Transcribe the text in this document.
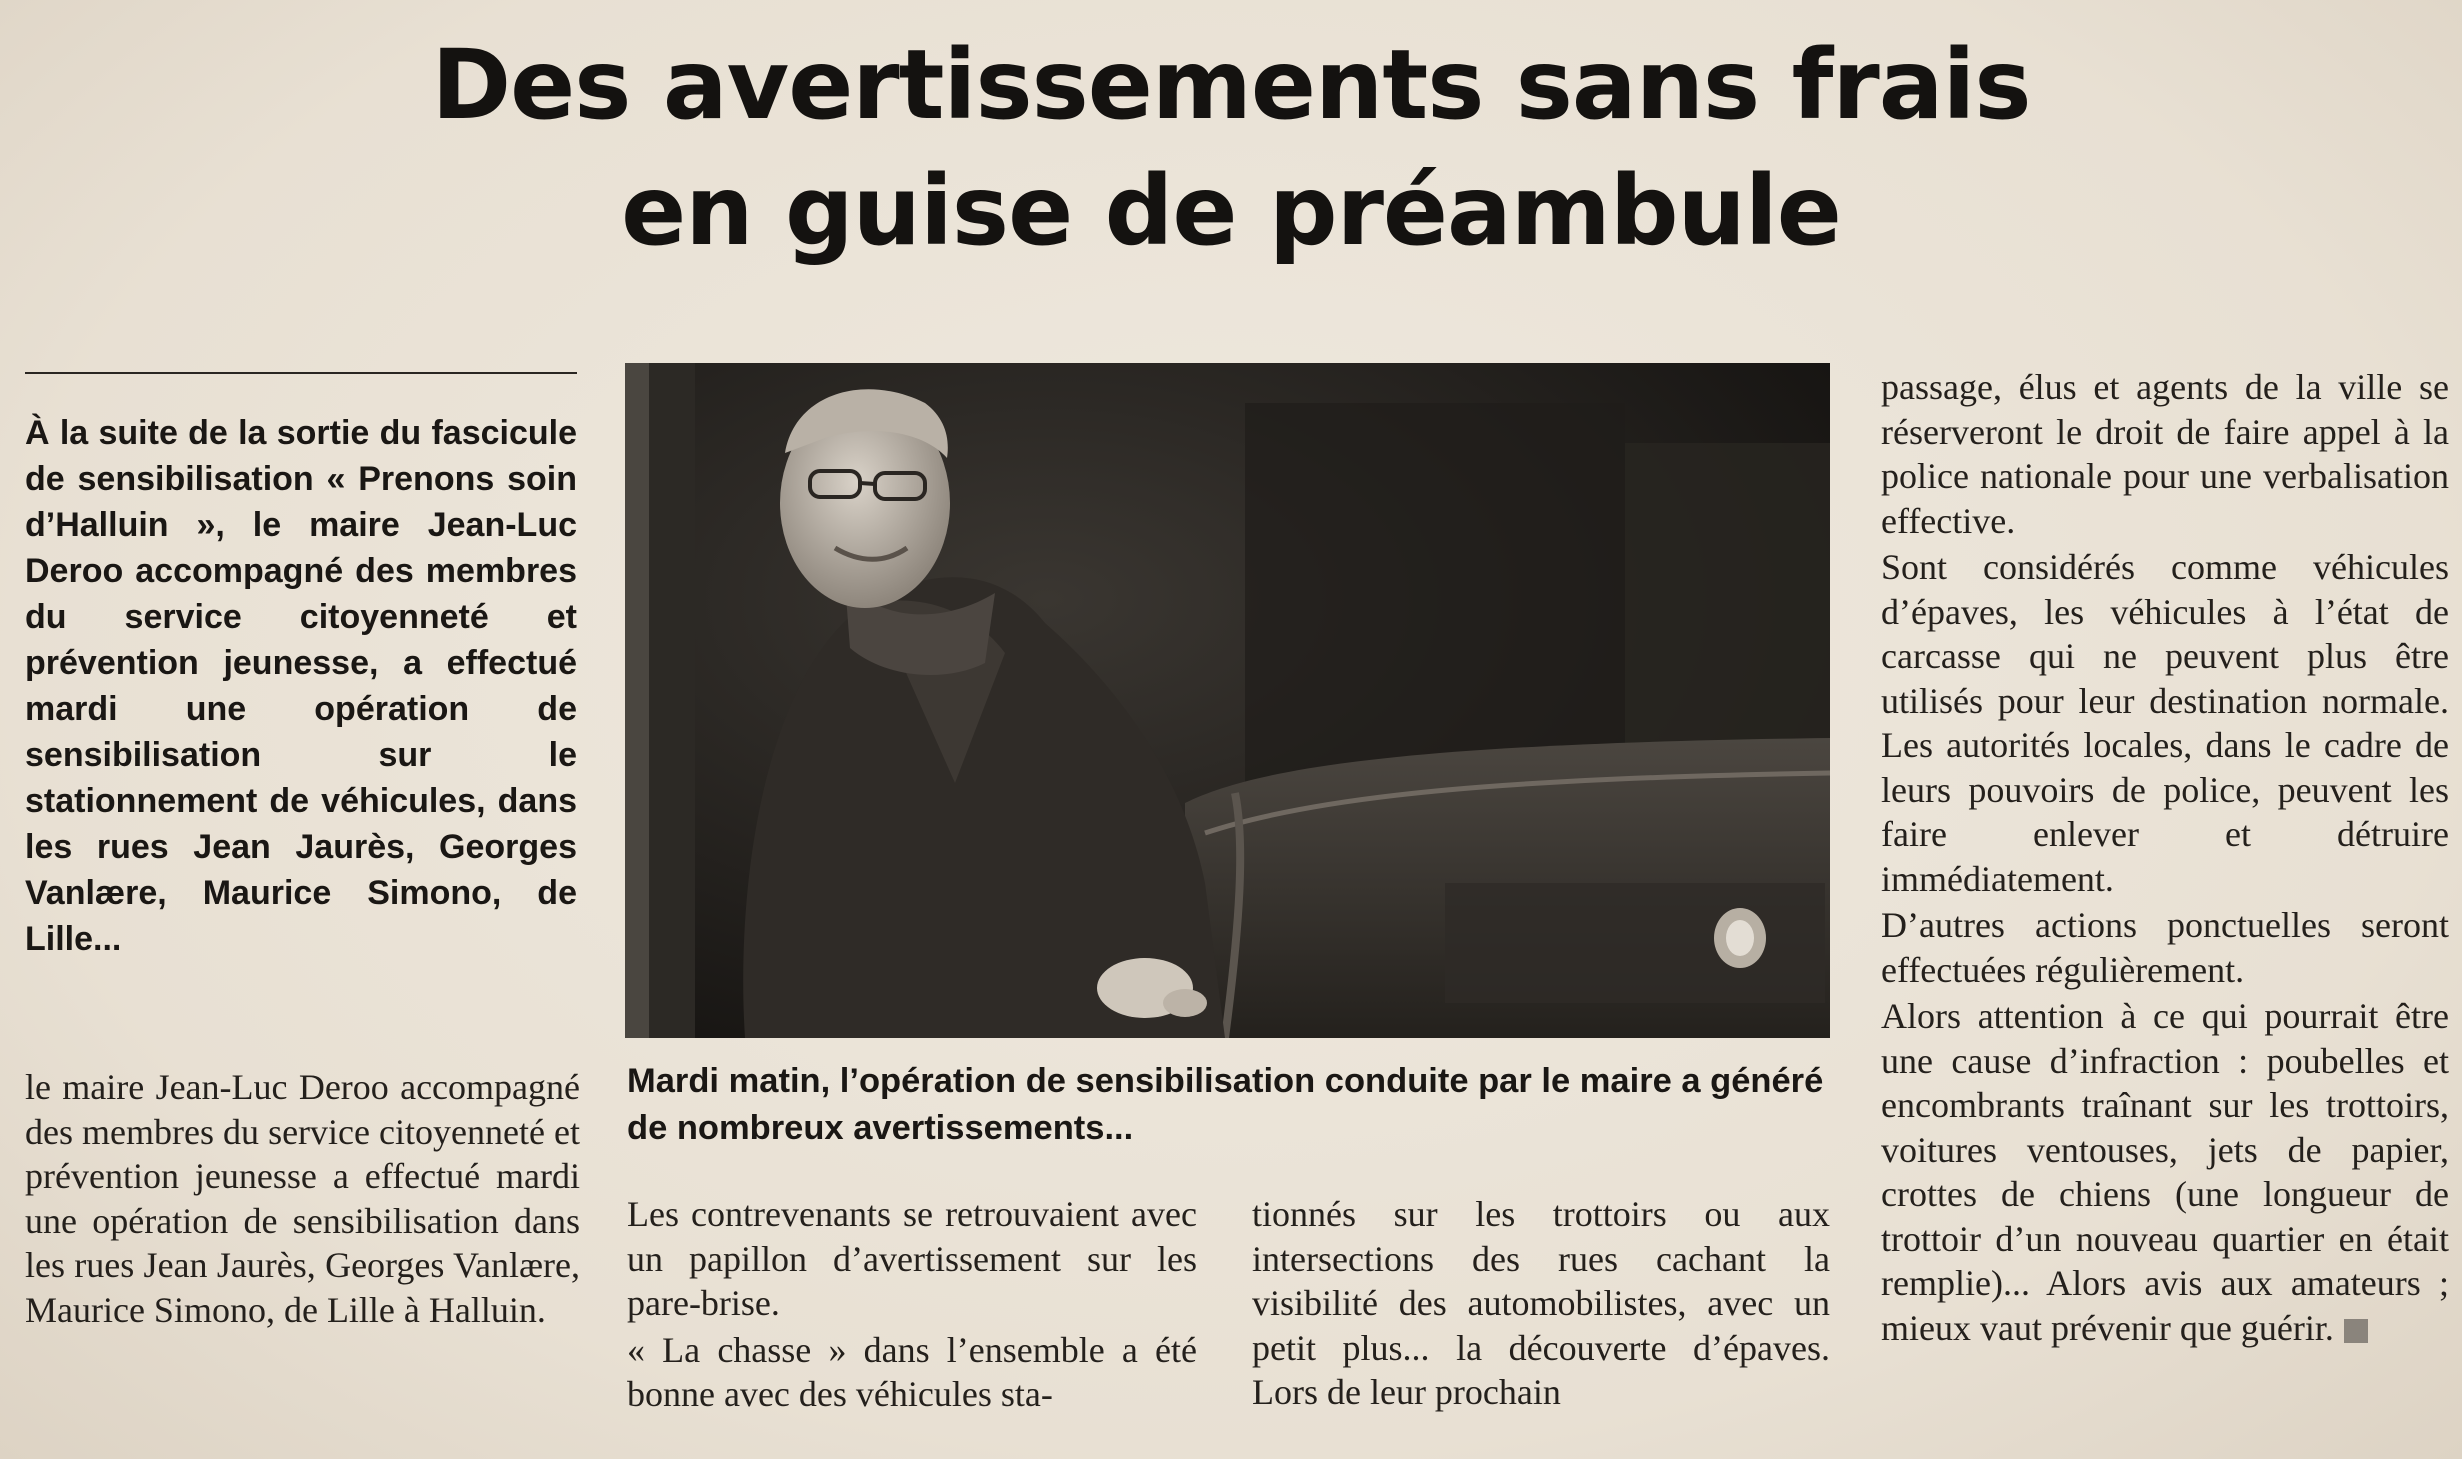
Des avertissements sans frais
en guise de préambule

À la suite de la sortie du fascicule de sensibilisation « Prenons soin d’Halluin », le maire Jean-Luc Deroo accompagné des membres du service citoyenneté et prévention jeunesse, a effectué mardi une opération de sensibilisation sur le stationnement de véhicules, dans les rues Jean Jaurès, Georges Vanlære, Maurice Simono, de Lille...

le maire Jean-Luc Deroo accompagné des membres du service citoyenneté et prévention jeunesse a effectué mardi une opération de sensibilisation dans les rues Jean Jaurès, Georges Vanlære, Maurice Simono, de Lille à Halluin.

Mardi matin, l’opération de sensibilisation conduite par le maire a généré de nombreux avertissements...

Les contrevenants se retrouvaient avec un papillon d’avertissement sur les pare-brise.
« La chasse » dans l’ensemble a été bonne avec des véhicules sta-

tionnés sur les trottoirs ou aux intersections des rues cachant la visibilité des automobilistes, avec un petit plus... la découverte d’épaves. Lors de leur prochain

passage, élus et agents de la ville se réserveront le droit de faire appel à la police nationale pour une verbalisation effective.
Sont considérés comme véhicules d’épaves, les véhicules à l’état de carcasse qui ne peuvent plus être utilisés pour leur destination normale. Les autorités locales, dans le cadre de leurs pouvoirs de police, peuvent les faire enlever et détruire immédiatement.
D’autres actions ponctuelles seront effectuées régulièrement.
Alors attention à ce qui pourrait être une cause d’infraction : poubelles et encombrants traînant sur les trottoirs, voitures ventouses, jets de papier, crottes de chiens (une longueur de trottoir d’un nouveau quartier en était remplie)... Alors avis aux amateurs ; mieux vaut prévenir que guérir.
